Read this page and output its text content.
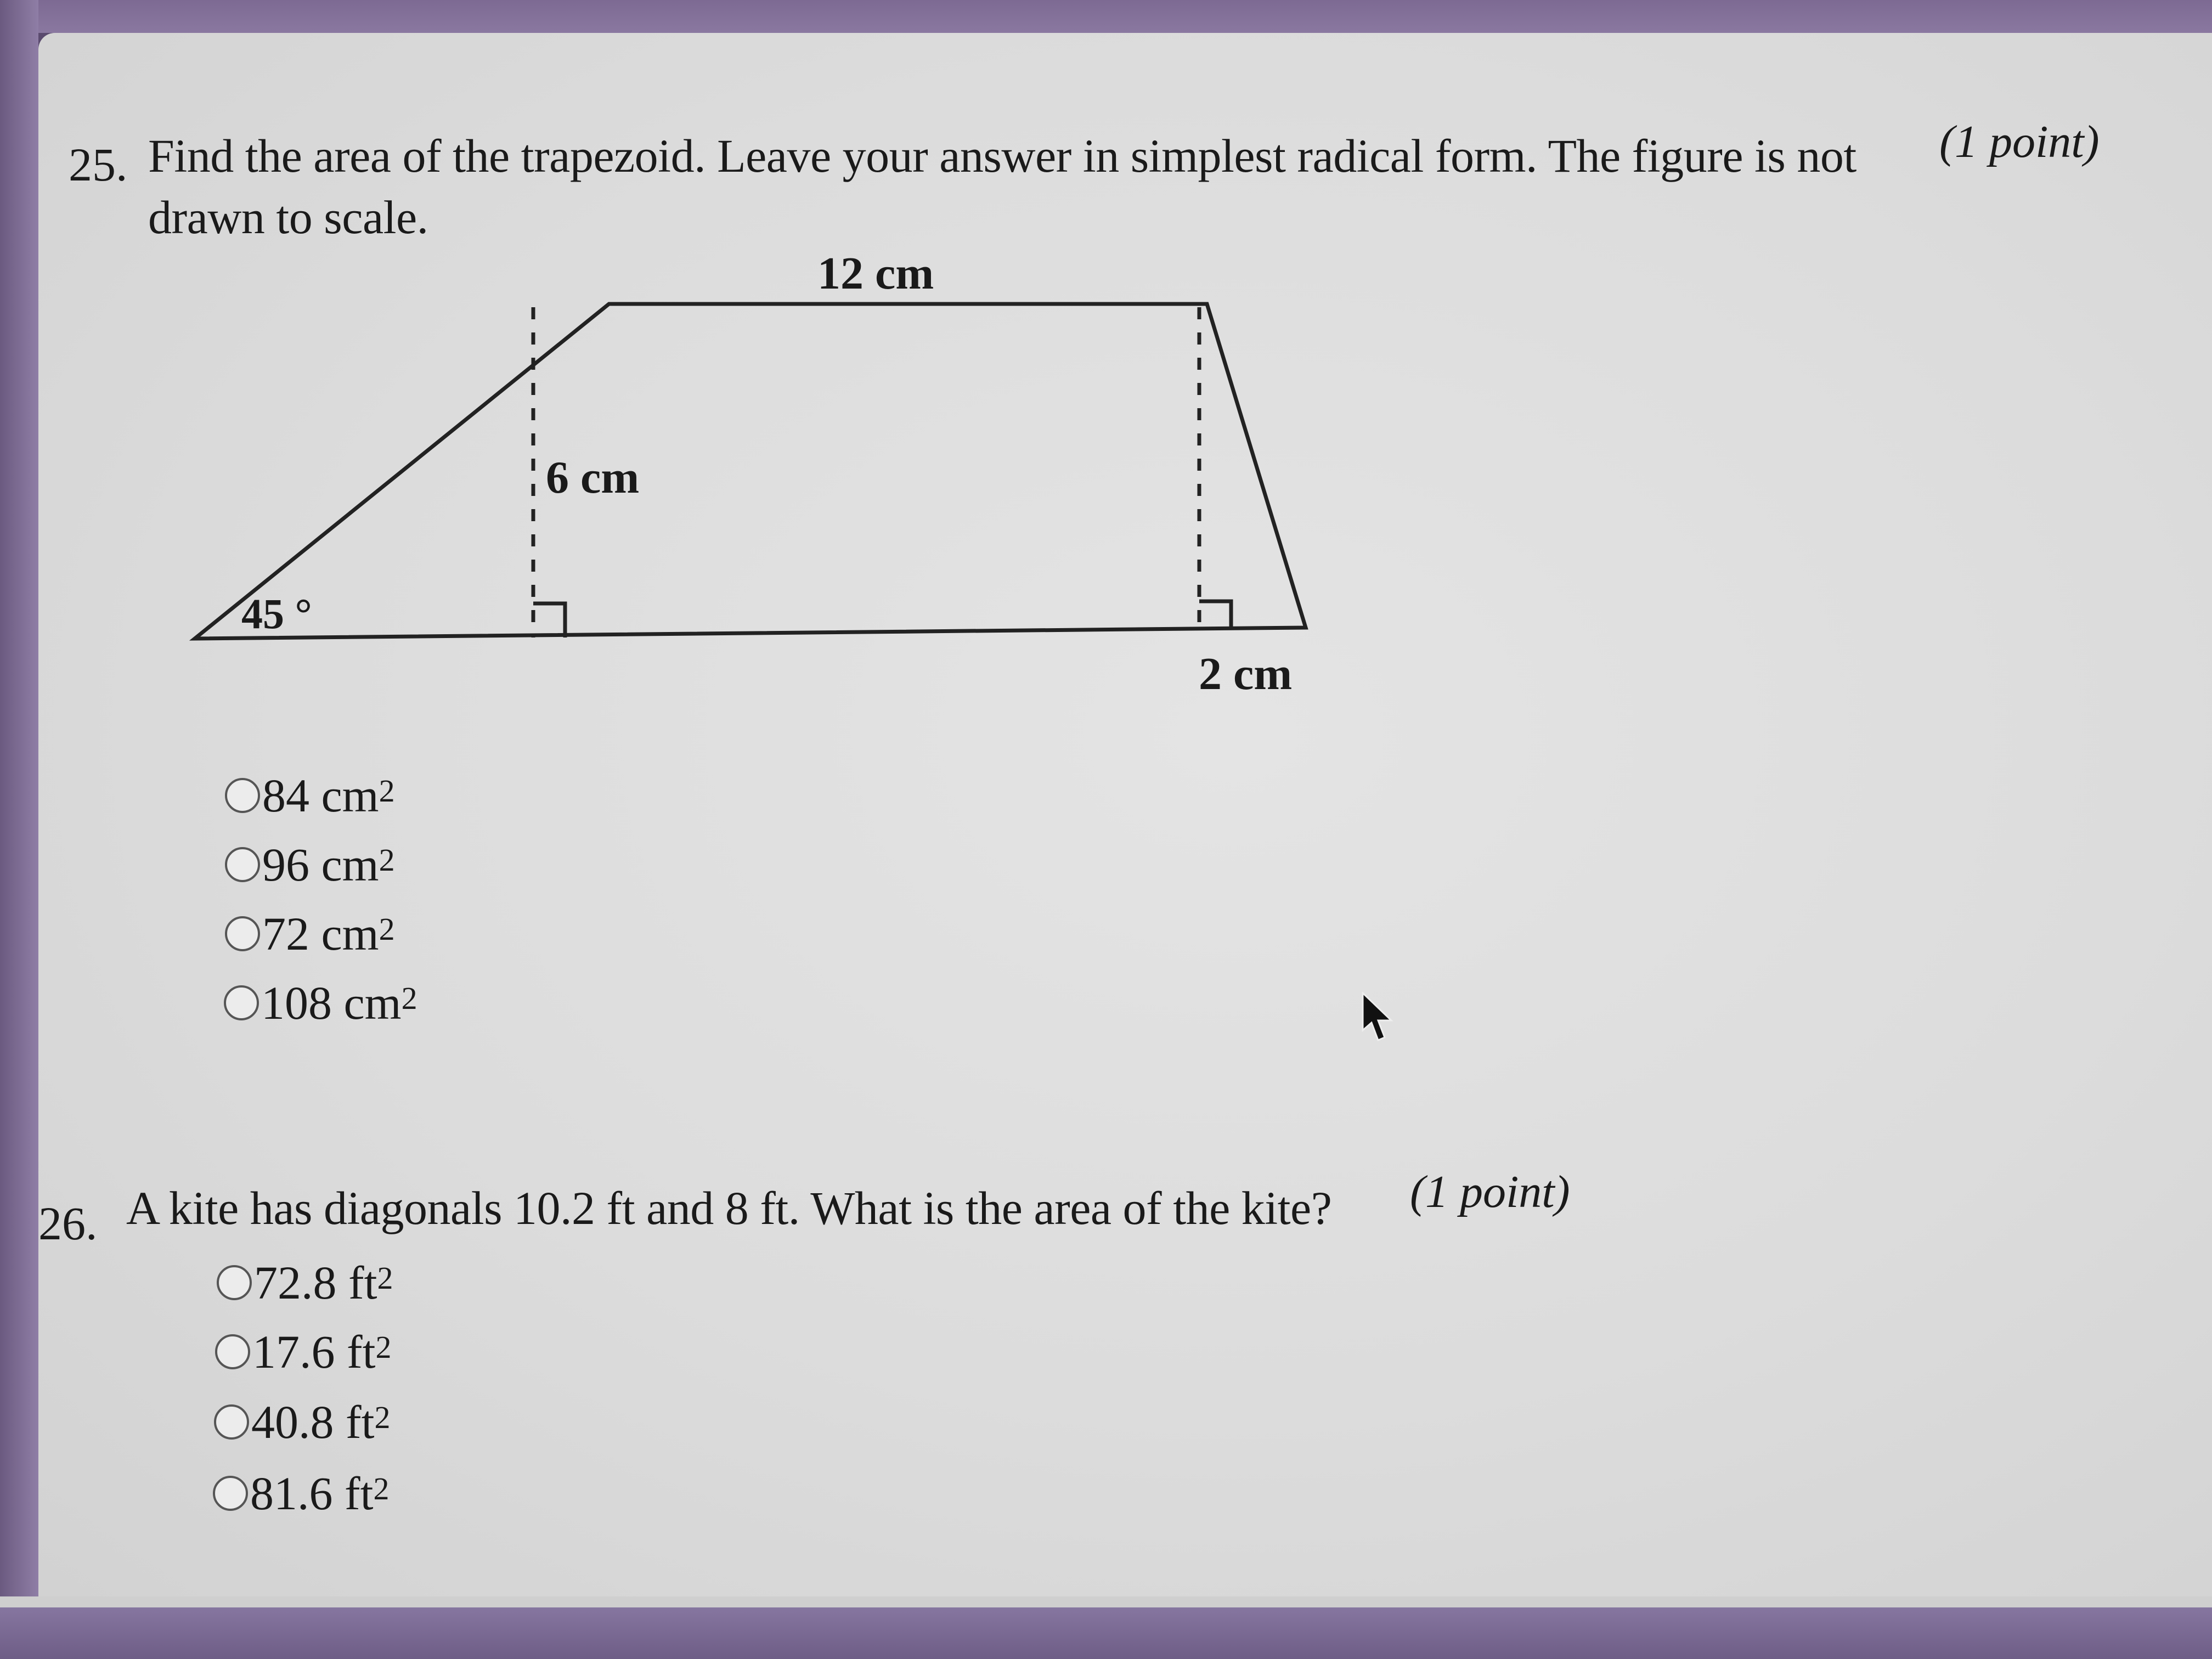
25. Find the area of the trapezoid. Leave your answer in simplest radical form. The figure is not
drawn to scale.
(1 point)
12 cm
6 cm
45 °
2 cm
84 $cm^2$
96 $cm^2$
72 $cm^2$
108 $cm^2$
26. A kite has diagonals 10.2 ft and 8 ft. What is the area of the kite? (1 point)
72.8 $ft^2$
17.6 $ft^2$
40.8 $ft^2$
81.6 $ft^2$
